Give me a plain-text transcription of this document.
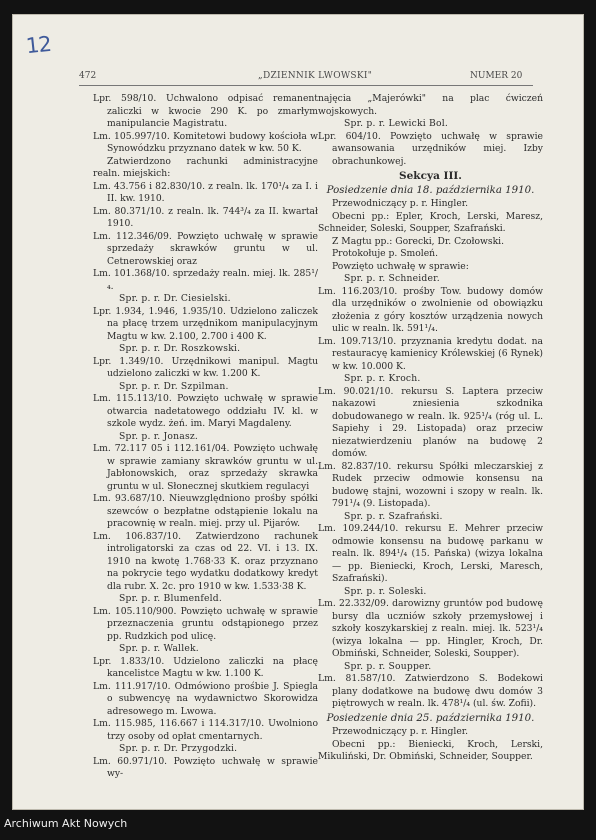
12
472	„DZIENNIK LWOWSKI"	NUMER 20

Lpr. 598/10. Uchwalono odpisać remanent zaliczki w kwocie 290 K. po zmarłym manipulancie Magistratu.

Lm. 105.997/10. Komitetowi budowy kościoła w Synowódzku przyznano datek w kw. 50 K.

Zatwierdzono rachunki administracyjne realn. miejskich:

Lm. 43.756 i 82.830/10. z realn. lk. 170¹/₄ za I. i II. kw. 1910.

Lm. 80.371/10. z realn. lk. 744³/₄ za II. kwartał 1910.

Lm. 112.346/09. Powzięto uchwałę w sprawie sprzedaży skrawków gruntu w ul. Cetnerowskiej oraz

Lm. 101.368/10. sprzedaży realn. miej. lk. 285¹/₄.

Spr. p. r. Dr. Ciesielski.

Lpr. 1.934, 1.946, 1.935/10. Udzielono zaliczek na płacę trzem urzędnikom manipulacyjnym Magtu w kw. 2.100, 2.700 i 400 K.

Spr. p. r. Dr. Roszkowski.

Lpr. 1.349/10. Urzędnikowi manipul. Magtu udzielono zaliczki w kw. 1.200 K.

Spr. p. r. Dr. Szpilman.

Lm. 115.113/10. Powzięto uchwałę w sprawie otwarcia nadetatowego oddziału IV. kl. w szkole wydz. żeń. im. Maryi Magdaleny.

Spr. p. r. Jonasz.

Lm. 72.117 05 i 112.161/04. Powzięto uchwałę w sprawie zamiany skrawków gruntu w ul. Jabłonowskich, oraz sprzedaży skrawka gruntu w ul. Słonecznej skutkiem regulacyi

Lm. 93.687/10. Nieuwzględniono prośby spółki szewców o bezpłatne odstąpienie lokalu na pracownię w realn. miej. przy ul. Pijarów.

Lm. 106.837/10. Zatwierdzono rachunek introligatorski za czas od 22. VI. i 13. IX. 1910 na kwotę 1.768·33 K. oraz przyznano na pokrycie tego wydatku dodatkowy kredyt dla rubr. X. 2c. pro 1910 w kw. 1.533·38 K.

Spr. p. r. Blumenfeld.

Lm. 105.110/900. Powzięto uchwałę w sprawie przeznaczenia gruntu odstąpionego przez pp. Rudzkich pod ulicę.

Spr. p. r. Wallek.

Lpr. 1.833/10. Udzielono zaliczki na płacę kancelistce Magtu w kw. 1.100 K.

Lm. 111.917/10. Odmówiono prośbie J. Spiegla o subwencyę na wydawnictwo Skorowidza adresowego m. Lwowa.

Lm. 115.985, 116.667 i 114.317/10. Uwolniono trzy osoby od opłat cmentarnych.

Spr. p. r. Dr. Przygodzki.

Lm. 60.971/10. Powzięto uchwałę w sprawie wy-

najęcia „Majerówki" na plac ćwiczeń wojskowych.

Spr. p. r. Lewicki Bol.

Lpr. 604/10. Powzięto uchwałę w sprawie awansowania urzędników miej. Izby obrachunkowej.

Sekcya III.

Posiedzenie dnia 18. października 1910.

Przewodniczący p. r. Hingler.

Obecni pp.: Epler, Kroch, Lerski, Maresz, Schneider, Soleski, Soupper, Szafrański.

Z Magtu pp.: Gorecki, Dr. Czołowski.

Protokołuje p. Smoleń.

Powzięto uchwałę w sprawie:

Spr. p. r. Schneider.

Lm. 116.203/10. prośby Tow. budowy domów dla urzędników o zwolnienie od obowiązku złożenia z góry kosztów urządzenia nowych ulic w realn. lk. 591¹/₄.

Lm. 109.713/10. przyznania kredytu dodat. na restauracyę kamienicy Królewskiej (6 Rynek) w kw. 10.000 K.

Spr. p. r. Kroch.

Lm. 90.021/10. rekursu S. Laptera przeciw nakazowi zniesienia szkodnika dobudowanego w realn. lk. 925¹/₄ (róg ul. L. Sapiehy i 29. Listopada) oraz przeciw niezatwierdzeniu planów na budowę 2 domów.

Lm. 82.837/10. rekursu Spółki mleczarskiej z Rudek przeciw odmowie konsensu na budowę stajni, wozowni i szopy w realn. lk. 791¹/₄ (9. Listopada).

Spr. p. r. Szafrański.

Lm. 109.244/10. rekursu E. Mehrer przeciw odmowie konsensu na budowę parkanu w realn. lk. 894¹/₄ (15. Pańska) (wizya lokalna — pp. Bieniecki, Kroch, Lerski, Maresch, Szafrański).

Spr. p. r. Soleski.

Lm. 22.332/09. darowizny gruntów pod budowę bursy dla uczniów szkoły przemysłowej i szkoły koszykarskiej z realn. miej. lk. 523¹/₄ (wizya lokalna — pp. Hingler, Kroch, Dr. Obmiński, Schneider, Soleski, Soupper).

Spr. p. r. Soupper.

Lm. 81.587/10. Zatwierdzono S. Bodekowi plany dodatkowe na budowę dwu domów 3 piętrowych w realn. lk. 478¹/₄ (ul. św. Zofii).

Posiedzenie dnia 25. października 1910.

Przewodniczący p. r. Hingler.

Obecni pp.: Bieniecki, Kroch, Lerski, Mikuliński, Dr. Obmiński, Schneider, Soupper.

Archiwum Akt Nowych
